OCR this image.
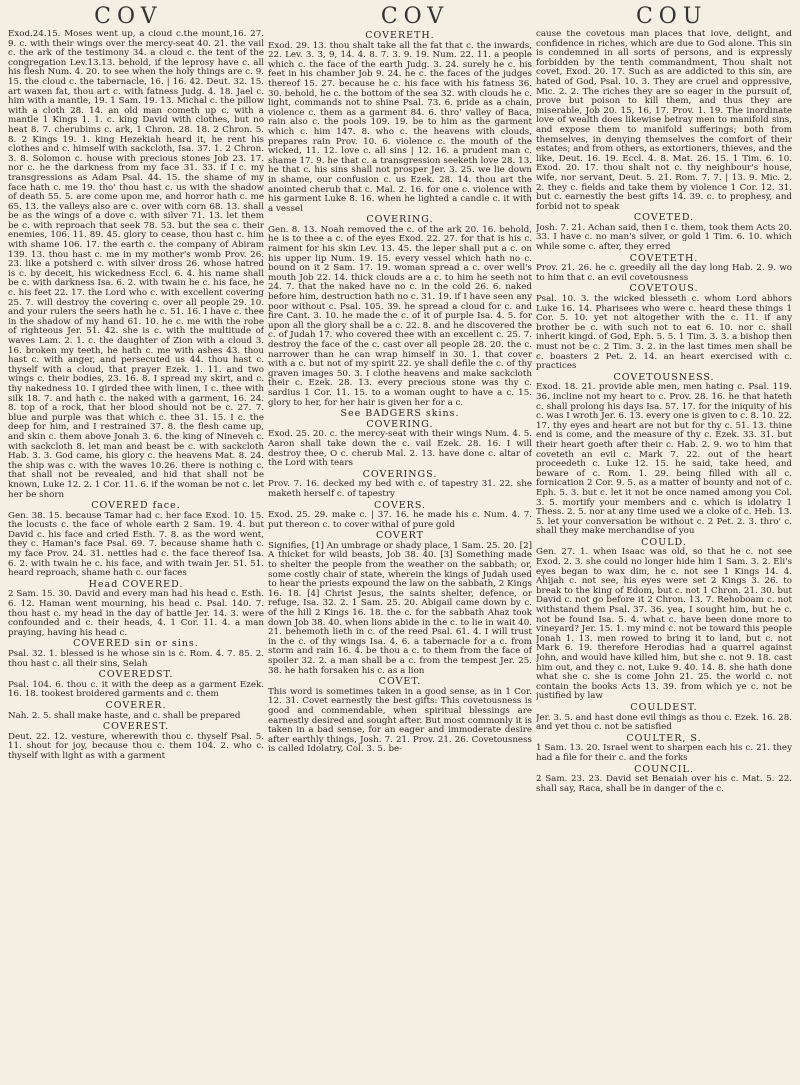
COV	COV	COU

Exod.24.15. Moses went up, a cloud c.the mount,16. 27. 9. c. with their wings over the mercy-seat 40. 21. the vail c. the ark of the testimony 34. a cloud c. the tent of the congregation Lev.13.13. behold, if the leprosy have c. all his flesh Num. 4. 20. to see when the holy things are c. 9. 15. the cloud c. the tabernacle, 16. | 16. 42. Deut. 32. 15. art waxen fat, thou art c. with fatness Judg. 4. 18. Jael c. him with a mantle, 19. 1 Sam. 19. 13. Michal c. the pillow with a cloth 28. 14. an old man cometh up c. with a mantle 1 Kings 1. 1. c. king David with clothes, but no heat 8. 7. cherubims c. ark, 1 Chron. 28. 18. 2 Chron. 5. 8. 2 Kings 19. 1. king Hezekiah heard it, he rent his clothes and c. himself with sackcloth, Isa. 37. 1. 2 Chron. 3. 8. Solomon c. house with precious stones Job 23. 17. nor c. he the darkness from my face 31. 33. if I c. my transgressions as Adam Psal. 44. 15. the shame of my face hath c. me 19. tho' thou hast c. us with the shadow of death 55. 5. are come upon me, and horror hath c. me 65. 13. the valleys also are c. over with corn 68. 13. shall be as the wings of a dove c. with silver 71. 13. let them be c. with reproach that seek 78. 53. but the sea c. their enemies, 106. 11. 89. 45. glory to cease, thou hast c. him with shame 106. 17. the earth c. the company of Abiram 139. 13. thou hast c. me in my mother's womb Prov. 26. 23. like a potsherd c. with silver dross 26. whose hatred is c. by deceit, his wickedness Eccl. 6. 4. his name shall be c. with darkness Isa. 6. 2. with twain he c. his face, he c. his feet 22. 17. the Lord who c. with excellent covering 25. 7. will destroy the covering c. over all people 29. 10. and your rulers the seers hath he c. 51. 16. I have c. thee in the shadow of my hand 61. 10. he c. me with the robe of righteous Jer. 51. 42. she is c. with the multitude of waves Lam. 2. 1. c. the daughter of Zion with a cloud 3. 16. broken my teeth, he hath c. me with ashes 43. thou hast c. with anger, and persecuted us 44. thou hast c. thyself with a cloud, that prayer Ezek. 1. 11. and two wings c. their bodies, 23. 16. 8. I spread my skirt, and c. thy nakedness 10. I girded thee with linen, I c. thee with silk 18. 7. and hath c. the naked with a garment, 16. 24. 8. top of a rock, that her blood should not be c. 27. 7. blue and purple was that which c. thee 31. 15. I c. the deep for him, and I restrained 37. 8. the flesh came up, and skin c. them above Jonah 3. 6. the king of Nineveh c. with sackcloth 8. let man and beast be c. with sackcloth Hab. 3. 3. God came, his glory c. the heavens Mat. 8. 24. the ship was c. with the waves 10.26. there is nothing c. that shall not be revealed, and hid that shall not be known, Luke 12. 2. 1 Cor. 11. 6. if the woman be not c. let her be shorn

COVERED face.

Gen. 38. 15. because Tamar had c. her face Exod. 10. 15. the locusts c. the face of whole earth 2 Sam. 19. 4. but David c. his face and cried Esth. 7. 8. as the word went, they c. Haman's face Psal. 69. 7. because shame hath c. my face Prov. 24. 31. nettles had c. the face thereof Isa. 6. 2. with twain he c. his face, and with twain Jer. 51. 51. heard reproach, shame hath c. our faces

Head COVERED.

2 Sam. 15. 30. David and every man had his head c. Esth. 6. 12. Haman went mourning, his head c. Psal. 140. 7. thou hast c. my head in the day of battle Jer. 14. 3. were confounded and c. their heads, 4. 1 Cor. 11. 4. a man praying, having his head c.

COVERED sin or sins.

Psal. 32. 1. blessed is he whose sin is c. Rom. 4. 7. 85. 2. thou hast c. all their sins, Selah

COVEREDST.

Psal. 104. 6. thou c. it with the deep as a garment Ezek. 16. 18. tookest broidered garments and c. them

COVERER.

Nah. 2. 5. shall make haste, and c. shall be prepared

COVEREST.

Deut. 22. 12. vesture, wherewith thou c. thyself Psal. 5. 11. shout for joy, because thou c. them 104. 2. who c. thyself with light as with a garment

COVERETH.

Exod. 29. 13. thou shalt take all the fat that c. the inwards, 22. Lev. 3. 3, 9, 14. 4. 8. 7. 3. 9. 19. Num. 22. 11. a people which c. the face of the earth Judg. 3. 24. surely he c. his feet in his chamber Job 9. 24. he c. the faces of the judges thereof 15. 27. because he c. his face with his fatness 36. 30. behold, he c. the bottom of the sea 32. with clouds he c. light, commands not to shine Psal. 73. 6. pride as a chain, violence c. them as a garment 84. 6. thro' valley of Baca, rain also c. the pools 109. 19. be to him as the garment which c. him 147. 8. who c. the heavens with clouds, prepares rain Prov. 10. 6. violence c. the mouth of the wicked, 11. 12. love c. all sins | 12. 16. a prudent man c. shame 17. 9. he that c. a transgression seeketh love 28. 13. he that c. his sins shall not prosper Jer. 3. 25. we lie down in shame, our confusion c. us Ezek. 28. 14. thou art the anointed cherub that c. Mal. 2. 16. for one c. violence with his garment Luke 8. 16. when he lighted a candle c. it with a vessel

COVERING.

Gen. 8. 13. Noah removed the c. of the ark 20. 16. behold, he is to thee a c. of the eyes Exod. 22. 27. for that is his c. raiment for his skin Lev. 13. 45. the leper shall put a c. on his upper lip Num. 19. 15. every vessel which hath no c. bound on it 2 Sam. 17. 19. woman spread a c. over well's mouth Job 22. 14. thick clouds are a c. to him he seeth not 24. 7. that the naked have no c. in the cold 26. 6. naked before him, destruction hath no c. 31. 19. if I have seen any poor without c. Psal. 105. 39. he spread a cloud for c. and fire Cant. 3. 10. he made the c. of it of purple Isa. 4. 5. for upon all the glory shall be a c. 22. 8. and he discovered the c. of Judah 17. who covered thee with an excellent c. 25. 7. destroy the face of the c. cast over all people 28. 20. the c. narrower than he can wrap himself in 30. 1. that cover with a c. but not of my spirit 22. ye shall defile the c. of thy graven images 50. 3. I clothe heavens and make sackcloth their c. Ezek. 28. 13. every precious stone was thy c. sardius 1 Cor. 11. 15. to a woman ought to have a c. 15. glory to her, for her hair is given her for a c.

See BADGERS skins.

COVERING.

Exod. 25. 20. c. the mercy-seat with their wings Num. 4. 5. Aaron shall take down the c. vail Ezek. 28. 16. I will destroy thee, O c. cherub Mal. 2. 13. have done c. altar of the Lord with tears

COVERINGS.

Prov. 7. 16. decked my bed with c. of tapestry 31. 22. she maketh herself c. of tapestry

COVERS.

Exod. 25. 29. make c. | 37. 16. he made his c. Num. 4. 7. put thereon c. to cover withal of pure gold

COVERT

Signifies, [1] An umbrage or shady place, 1 Sam. 25. 20. [2] A thicket for wild beasts, Job 38. 40. [3] Something made to shelter the people from the weather on the sabbath; or, some costly chair of state, wherein the kings of Judah used to hear the priests expound the law on the sabbath, 2 Kings 16. 18. [4] Christ Jesus, the saints shelter, defence, or refuge, Isa. 32. 2. 1 Sam. 25. 20. Abigail came down by c. of the hill 2 Kings 16. 18. the c. for the sabbath Ahaz took down Job 38. 40. when lions abide in the c. to lie in wait 40. 21. behemoth lieth in c. of the reed Psal. 61. 4. I will trust in the c. of thy wings Isa. 4. 6. a tabernacle for a c. from storm and rain 16. 4. be thou a c. to them from the face of spoiler 32. 2. a man shall be a c. from the tempest Jer. 25. 38. he hath forsaken his c. as a lion

COVET.

This word is sometimes taken in a good sense, as in 1 Cor. 12. 31. Covet earnestly the best gifts: This covetousness is good and commendable, when spiritual blessings are earnestly desired and sought after. But most commonly it is taken in a bad sense, for an eager and immoderate desire after earthly things, Josh. 7. 21. Prov. 21. 26. Covetousness is called Idolatry, Col. 3. 5. be-

cause the covetous man places that love, delight, and confidence in riches, which are due to God alone. This sin is condemned in all sorts of persons, and is expressly forbidden by the tenth commandment, Thou shalt not covet, Exod. 20. 17. Such as are addicted to this sin, are hated of God, Psal. 10. 3. They are cruel and oppressive, Mic. 2. 2. The riches they are so eager in the pursuit of, prove but poison to kill them, and thus they are miserable, Job 20. 15, 16, 17. Prov. 1. 19. The inordinate love of wealth does likewise betray men to manifold sins, and expose them to manifold sufferings; both from themselves, in denying themselves the comfort of their estates; and from others, as extortioners, thieves, and the like, Deut. 16. 19. Eccl. 4. 8. Mat. 26. 15. 1 Tim. 6. 10. Exod. 20. 17. thou shalt not c. thy neighbour's house, wife, nor servant, Deut. 5. 21. Rom. 7. 7. | 13. 9. Mic. 2. 2. they c. fields and take them by violence 1 Cor. 12. 31. but c. earnestly the best gifts 14. 39. c. to prophesy, and forbid not to speak

COVETED.

Josh. 7. 21. Achan said, then I c. them, took them Acts 20. 33. I have c. no man's silver, or gold 1 Tim. 6. 10. which while some c. after, they erred

COVETETH.

Prov. 21. 26. he c. greedily all the day long Hab. 2. 9. wo to him that c. an evil covetousness

COVETOUS.

Psal. 10. 3. the wicked blesseth c. whom Lord abhors Luke 16. 14. Pharisees who were c. heard these things 1 Cor. 5. 10. yet not altogether with the c. 11. if any brother be c. with such not to eat 6. 10. nor c. shall inherit kingd. of God, Eph. 5. 5. 1 Tim. 3. 3. a bishop then must not be c. 2 Tim. 3. 2. in the last times men shall be c. boasters 2 Pet. 2. 14. an heart exercised with c. practices

COVETOUSNESS.

Exod. 18. 21. provide able men, men hating c. Psal. 119. 36. incline not my heart to c. Prov. 28. 16. he that hateth c. shall prolong his days Isa. 57. 17. for the iniquity of his c. was I wroth Jer. 6. 13. every one is given to c. 8. 10. 22. 17. thy eyes and heart are not but for thy c. 51. 13. thine end is come, and the measure of thy c. Ezek. 33. 31. but their heart goeth after their c. Hab. 2. 9. wo to him that coveteth an evil c. Mark 7. 22. out of the heart proceedeth c. Luke 12. 15. he said, take heed, and beware of c. Rom. 1. 29. being filled with all c. fornication 2 Cor. 9. 5. as a matter of bounty and not of c. Eph. 5. 3. but c. let it not be once named among you Col. 3. 5. mortify your members and c. which is idolatry 1 Thess. 2. 5. nor at any time used we a cloke of c. Heb. 13. 5. let your conversation be without c. 2 Pet. 2. 3. thro' c. shall they make merchandise of you

COULD.

Gen. 27. 1. when Isaac was old, so that he c. not see Exod. 2. 3. she could no longer hide him 1 Sam. 3. 2. Eli's eyes began to wax dim, he c. not see 1 Kings 14. 4. Ahijah c. not see, his eyes were set 2 Kings 3. 26. to break to the king of Edom, but c. not 1 Chron. 21. 30. but David c. not go before it 2 Chron. 13. 7. Rehoboam c. not withstand them Psal. 37. 36. yea, I sought him, but he c. not be found Isa. 5. 4. what c. have been done more to vineyard? Jer. 15. 1. my mind c. not be toward this people Jonah 1. 13. men rowed to bring it to land, but c. not Mark 6. 19. therefore Herodias had a quarrel against John, and would have killed him, but she c. not 9. 18. cast him out, and they c. not, Luke 9. 40. 14. 8. she hath done what she c. she is come John 21. 25. the world c. not contain the books Acts 13. 39. from which ye c. not be justified by law

COULDEST.

Jer. 3. 5. and hast done evil things as thou c. Ezek. 16. 28. and yet thou c. not be satisfied

COULTER, S.

1 Sam. 13. 20. Israel went to sharpen each his c. 21. they had a file for their c. and the forks

COUNCIL.

2 Sam. 23. 23. David set Benaiah over his c. Mat. 5. 22. shall say, Raca, shall be in danger of the c.
